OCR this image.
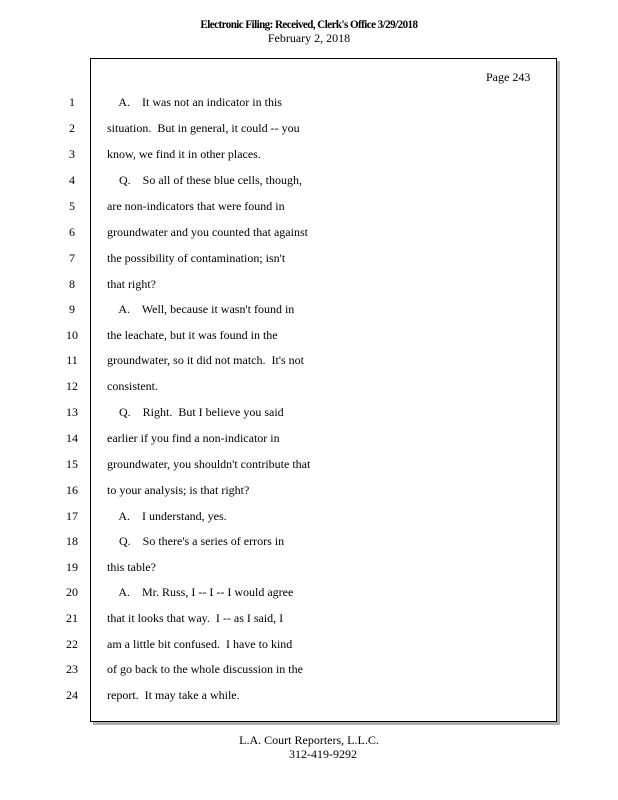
Electronic Filing: Received, Clerk's Office 3/29/2018
February 2, 2018
Page 243
1	A.    It was not an indicator in this
2	situation.  But in general, it could -- you
3	know, we find it in other places.
4	Q.    So all of these blue cells, though,
5	are non-indicators that were found in
6	groundwater and you counted that against
7	the possibility of contamination; isn't
8	that right?
9	A.    Well, because it wasn't found in
10	the leachate, but it was found in the
11	groundwater, so it did not match.  It's not
12	consistent.
13	Q.    Right.  But I believe you said
14	earlier if you find a non-indicator in
15	groundwater, you shouldn't contribute that
16	to your analysis; is that right?
17	A.    I understand, yes.
18	Q.    So there's a series of errors in
19	this table?
20	A.    Mr. Russ, I -- I -- I would agree
21	that it looks that way.  I -- as I said, I
22	am a little bit confused.  I have to kind
23	of go back to the whole discussion in the
24	report.  It may take a while.
L.A. Court Reporters, L.L.C.
312-419-9292
